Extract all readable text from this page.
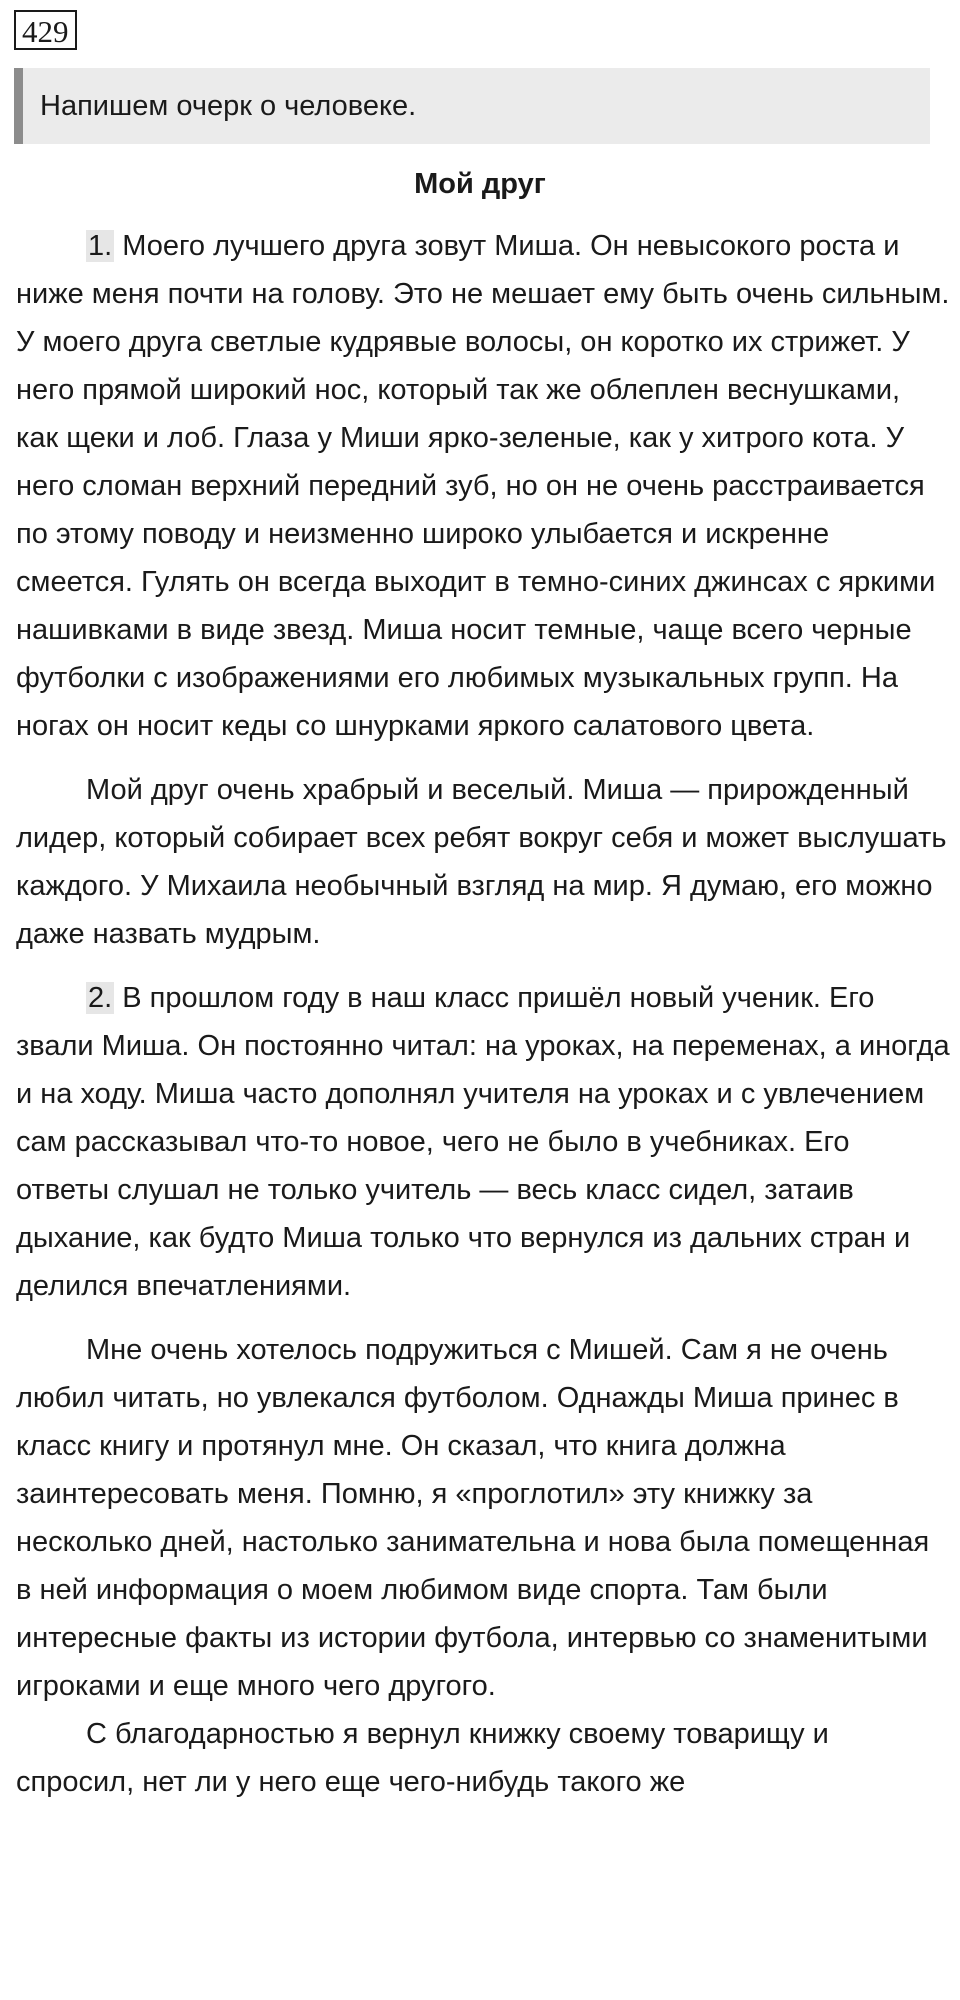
429
Напишем очерк о человеке.
Мой друг

1. Моего лучшего друга зовут Миша. Он невысокого роста и ниже меня почти на голову. Это не мешает ему быть очень сильным. У моего друга светлые кудрявые волосы, он коротко их стрижет. У него прямой широкий нос, который так же облеплен веснушками, как щеки и лоб. Глаза у Миши ярко-зеленые, как у хитрого кота. У него сломан верхний передний зуб, но он не очень расстраивается по этому поводу и неизменно широко улыбается и искренне смеется. Гулять он всегда выходит в темно-синих джинсах с яркими нашивками в виде звезд. Миша носит темные, чаще всего черные футболки с изображениями его любимых музыкальных групп. На ногах он носит кеды со шнурками яркого салатового цвета.

Мой друг очень храбрый и веселый. Миша — прирожденный лидер, который собирает всех ребят вокруг себя и может выслушать каждого. У Михаила необычный взгляд на мир. Я думаю, его можно даже назвать мудрым.

2. В прошлом году в наш класс пришёл новый ученик. Его звали Миша. Он постоянно читал: на уроках, на переменах, а иногда и на ходу. Миша часто дополнял учителя на уроках и с увлечением сам рассказывал что-то новое, чего не было в учебниках. Его ответы слушал не только учитель — весь класс сидел, затаив дыхание, как будто Миша только что вернулся из дальних стран и делился впечатлениями.

Мне очень хотелось подружиться с Мишей. Сам я не очень любил читать, но увлекался футболом. Однажды Миша принес в класс книгу и протянул мне. Он сказал, что книга должна заинтересовать меня. Помню, я «проглотил» эту книжку за несколько дней, настолько занимательна и нова была помещенная в ней информация о моем любимом виде спорта. Там были интересные факты из истории футбола, интервью со знаменитыми игроками и еще много чего другого.

С благодарностью я вернул книжку своему товарищу и спросил, нет ли у него еще чего-нибудь такого же
